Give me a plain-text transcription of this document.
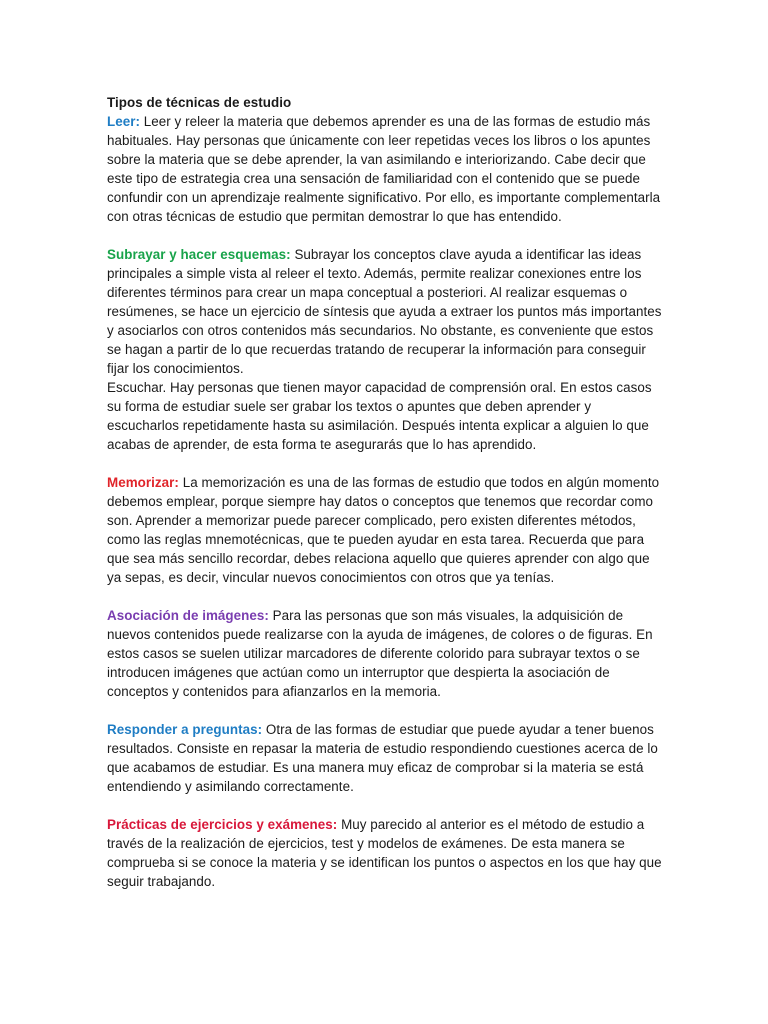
Tipos de técnicas de estudio

Leer: Leer y releer la materia que debemos aprender es una de las formas de estudio más habituales. Hay personas que únicamente con leer repetidas veces los libros o los apuntes sobre la materia que se debe aprender, la van asimilando e interiorizando. Cabe decir que este tipo de estrategia crea una sensación de familiaridad con el contenido que se puede confundir con un aprendizaje realmente significativo. Por ello, es importante complementarla con otras técnicas de estudio que permitan demostrar lo que has entendido.

Subrayar y hacer esquemas: Subrayar los conceptos clave ayuda a identificar las ideas principales a simple vista al releer el texto. Además, permite realizar conexiones entre los diferentes términos para crear un mapa conceptual a posteriori. Al realizar esquemas o resúmenes, se hace un ejercicio de síntesis que ayuda a extraer los puntos más importantes y asociarlos con otros contenidos más secundarios. No obstante, es conveniente que estos se hagan a partir de lo que recuerdas tratando de recuperar la información para conseguir fijar los conocimientos.

Escuchar. Hay personas que tienen mayor capacidad de comprensión oral. En estos casos su forma de estudiar suele ser grabar los textos o apuntes que deben aprender y escucharlos repetidamente hasta su asimilación. Después intenta explicar a alguien lo que acabas de aprender, de esta forma te asegurarás que lo has aprendido.

Memorizar: La memorización es una de las formas de estudio que todos en algún momento debemos emplear, porque siempre hay datos o conceptos que tenemos que recordar como son. Aprender a memorizar puede parecer complicado, pero existen diferentes métodos, como las reglas mnemotécnicas, que te pueden ayudar en esta tarea. Recuerda que para que sea más sencillo recordar, debes relaciona aquello que quieres aprender con algo que ya sepas, es decir, vincular nuevos conocimientos con otros que ya tenías.

Asociación de imágenes: Para las personas que son más visuales, la adquisición de nuevos contenidos puede realizarse con la ayuda de imágenes, de colores o de figuras. En estos casos se suelen utilizar marcadores de diferente colorido para subrayar textos o se introducen imágenes que actúan como un interruptor que despierta la asociación de conceptos y contenidos para afianzarlos en la memoria.

Responder a preguntas: Otra de las formas de estudiar que puede ayudar a tener buenos resultados. Consiste en repasar la materia de estudio respondiendo cuestiones acerca de lo que acabamos de estudiar. Es una manera muy eficaz de comprobar si la materia se está entendiendo y asimilando correctamente.

Prácticas de ejercicios y exámenes: Muy parecido al anterior es el método de estudio a través de la realización de ejercicios, test y modelos de exámenes. De esta manera se comprueba si se conoce la materia y se identifican los puntos o aspectos en los que hay que seguir trabajando.
